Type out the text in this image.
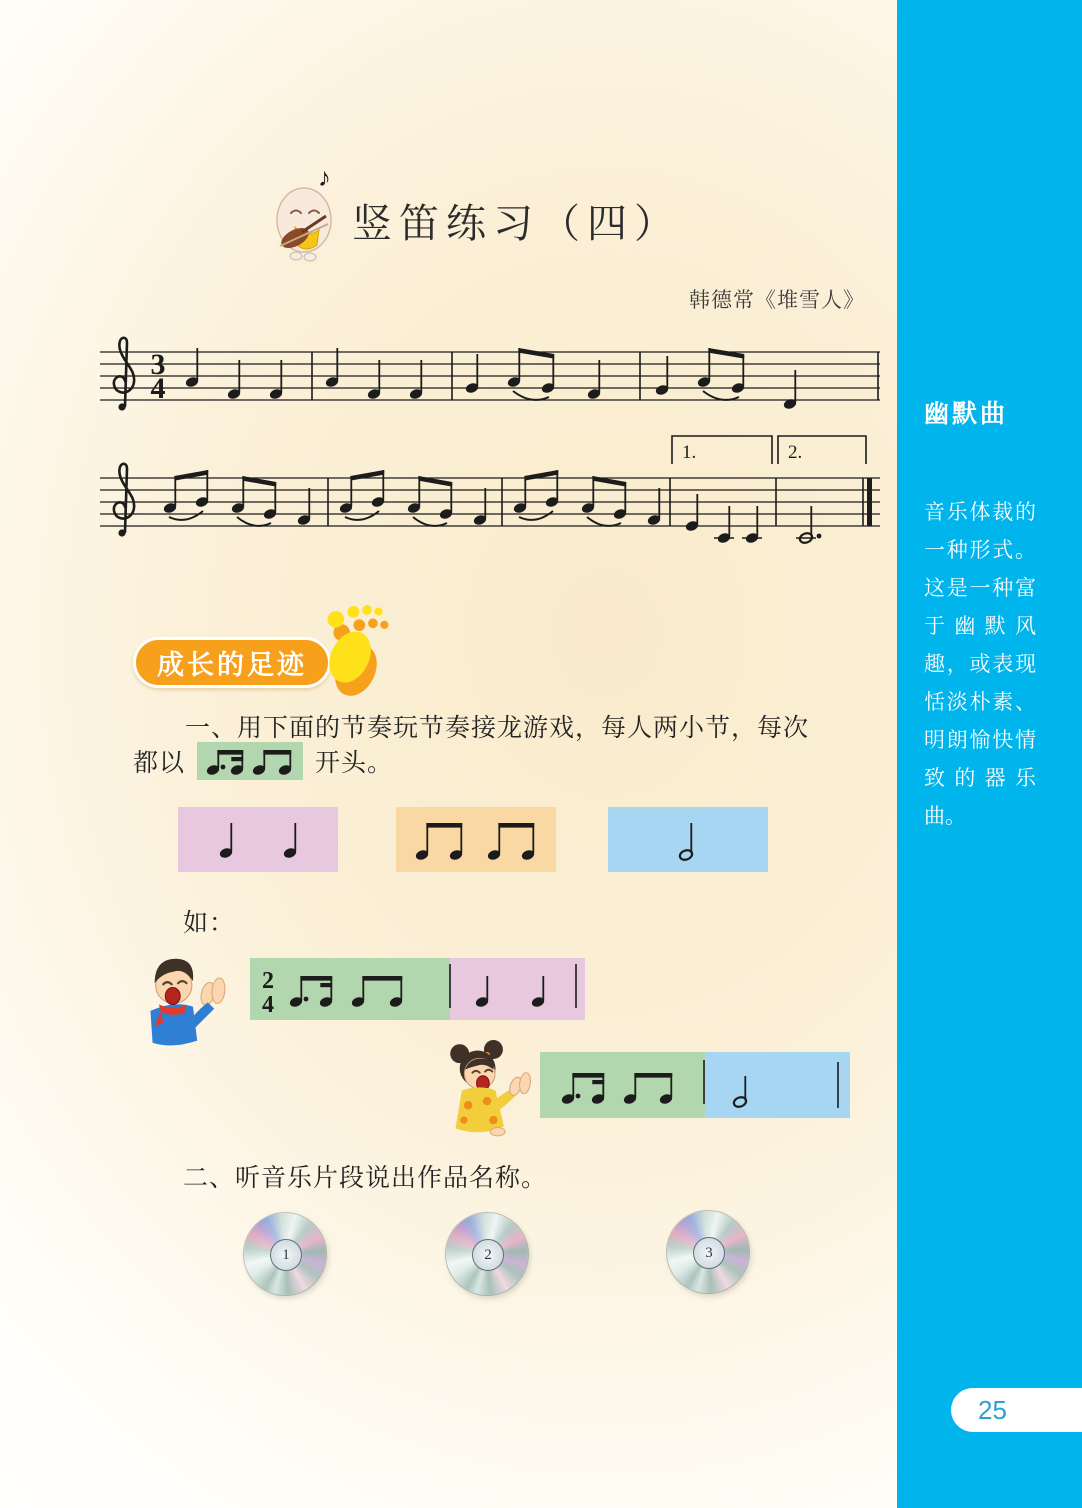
♪
竖笛练习（四）
韩德常《堆雪人》
3
4
1.	2.
成长的足迹
一、用下面的节奏玩节奏接龙游戏，每人两小节，每次
都以	开头。
如：
2
4
二、听音乐片段说出作品名称。
1	2	3
幽默曲

音乐体裁的一种形式。这是一种富于幽默风趣，或表现恬淡朴素、明朗愉快情致的器乐曲。

25
